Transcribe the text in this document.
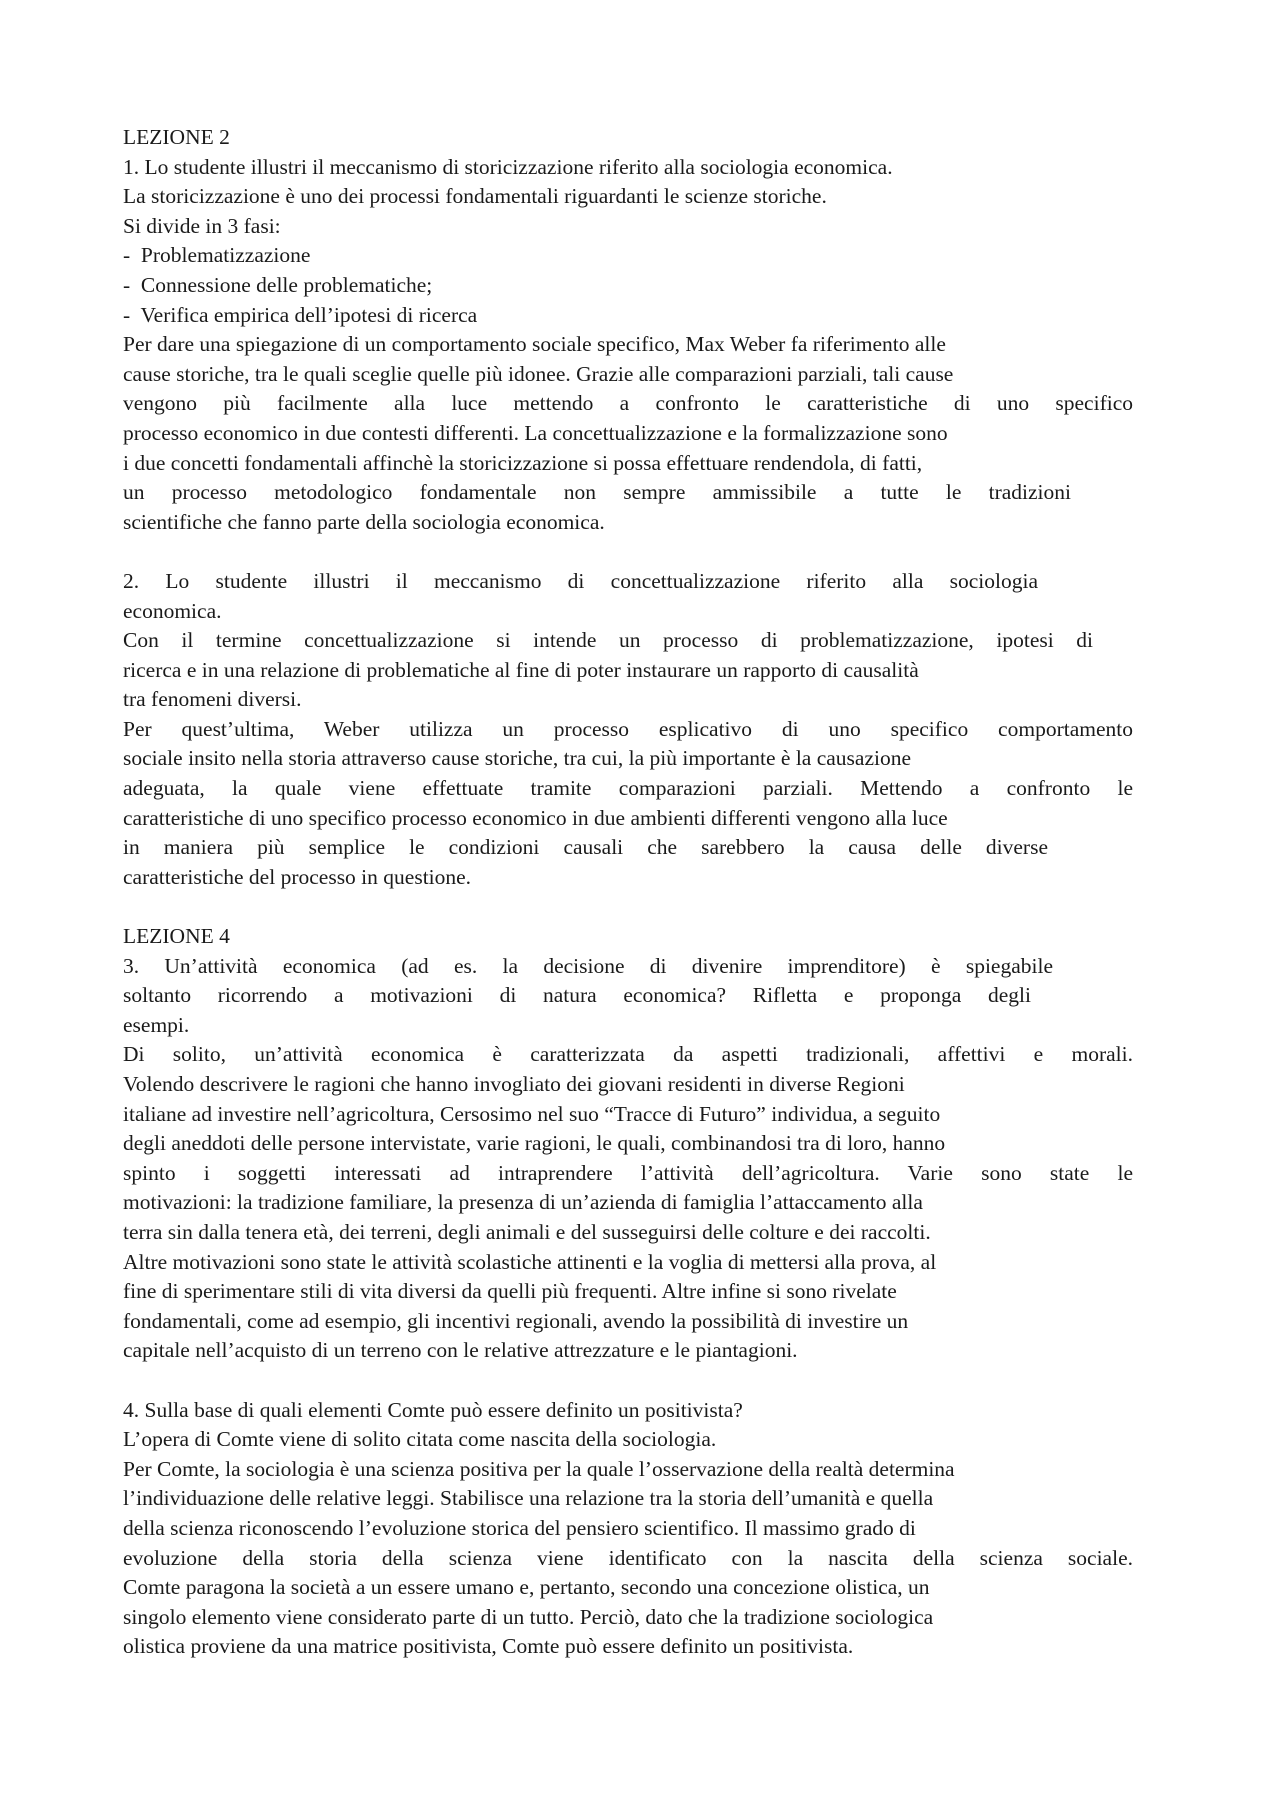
LEZIONE 2
1. Lo studente illustri il meccanismo di storicizzazione riferito alla sociologia economica.
La storicizzazione è uno dei processi fondamentali riguardanti le scienze storiche.
Si divide in 3 fasi:
-  Problematizzazione
-  Connessione delle problematiche;
-  Verifica empirica dell’ipotesi di ricerca
Per dare una spiegazione di un comportamento sociale specifico, Max Weber fa riferimento alle
cause storiche, tra le quali sceglie quelle più idonee. Grazie alle comparazioni parziali, tali cause
vengono più facilmente alla luce mettendo a confronto le caratteristiche di uno specifico
processo economico in due contesti differenti. La concettualizzazione e la formalizzazione sono
i due concetti fondamentali affinchè la storicizzazione si possa effettuare rendendola, di fatti,
un processo metodologico fondamentale non sempre ammissibile a tutte le tradizioni
scientifiche che fanno parte della sociologia economica.
2. Lo studente illustri il meccanismo di concettualizzazione riferito alla sociologia
economica.
Con il termine concettualizzazione si intende un processo di problematizzazione, ipotesi di
ricerca e in una relazione di problematiche al fine di poter instaurare un rapporto di causalità
tra fenomeni diversi.
Per quest’ultima, Weber utilizza un processo esplicativo di uno specifico comportamento
sociale insito nella storia attraverso cause storiche, tra cui, la più importante è la causazione
adeguata, la quale viene effettuate tramite comparazioni parziali. Mettendo a confronto le
caratteristiche di uno specifico processo economico in due ambienti differenti vengono alla luce
in maniera più semplice le condizioni causali che sarebbero la causa delle diverse
caratteristiche del processo in questione.
LEZIONE 4
3. Un’attività economica (ad es. la decisione di divenire imprenditore) è spiegabile
soltanto ricorrendo a motivazioni di natura economica? Rifletta e proponga degli
esempi.
Di solito, un’attività economica è caratterizzata da aspetti tradizionali, affettivi e morali.
Volendo descrivere le ragioni che hanno invogliato dei giovani residenti in diverse Regioni
italiane ad investire nell’agricoltura, Cersosimo nel suo “Tracce di Futuro” individua, a seguito
degli aneddoti delle persone intervistate, varie ragioni, le quali, combinandosi tra di loro, hanno
spinto i soggetti interessati ad intraprendere l’attività dell’agricoltura. Varie sono state le
motivazioni: la tradizione familiare, la presenza di un’azienda di famiglia l’attaccamento alla
terra sin dalla tenera età, dei terreni, degli animali e del susseguirsi delle colture e dei raccolti.
Altre motivazioni sono state le attività scolastiche attinenti e la voglia di mettersi alla prova, al
fine di sperimentare stili di vita diversi da quelli più frequenti. Altre infine si sono rivelate
fondamentali, come ad esempio, gli incentivi regionali, avendo la possibilità di investire un
capitale nell’acquisto di un terreno con le relative attrezzature e le piantagioni.
4. Sulla base di quali elementi Comte può essere definito un positivista?
L’opera di Comte viene di solito citata come nascita della sociologia.
Per Comte, la sociologia è una scienza positiva per la quale l’osservazione della realtà determina
l’individuazione delle relative leggi. Stabilisce una relazione tra la storia dell’umanità e quella
della scienza riconoscendo l’evoluzione storica del pensiero scientifico. Il massimo grado di
evoluzione della storia della scienza viene identificato con la nascita della scienza sociale.
Comte paragona la società a un essere umano e, pertanto, secondo una concezione olistica, un
singolo elemento viene considerato parte di un tutto. Perciò, dato che la tradizione sociologica
olistica proviene da una matrice positivista, Comte può essere definito un positivista.
